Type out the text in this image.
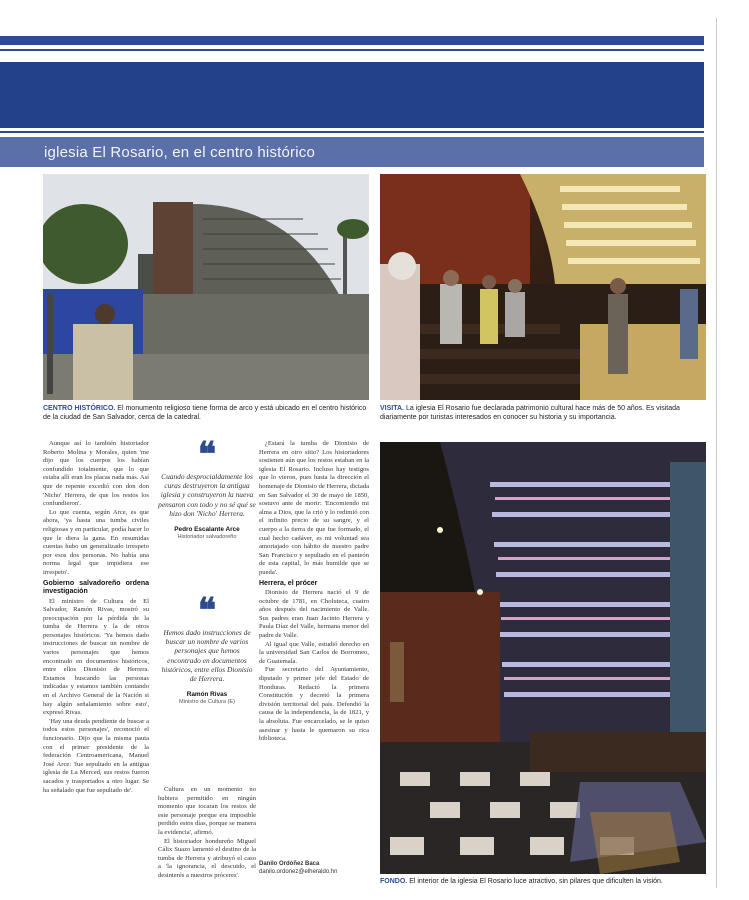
iglesia El Rosario, en el centro histórico
CENTRO HISTÓRICO. El monumento religioso tiene forma de arco y está ubicado en el centro histórico de la ciudad de San Salvador, cerca de la catedral.
VISITA. La iglesia El Rosario fue declarada patrimonio cultural hace más de 50 años. Es visitada diariamente por turistas interesados en conocer su historia y su importancia.

Aunque así lo también historiador Roberto Molina y Morales, quien 'me dijo que los cuerpos los habían confundido totalmente, que lo que estaba allí eran los placas nada más. Así que de repente excedió con don don 'Nicho' Herrera, de que los restos los confundieron'.

Lo que cuenta, según Arce, es que ahora, 'ya hasta una tumba civiles religiosas y en particular, podía hacer lo que le diera la gana. En resumidas cuentas hubo un generalizado irrespeto por esos dos personas. No había una norma legal que impidiera ese irrespeto'.

Gobierno salvadoreño ordena investigación

El ministro de Cultura de El Salvador, Ramón Rivas, mostró su preocupación por la pérdida de la tumba de Herrera y la de otros personajes históricos. 'Ya hemos dado instrucciones de buscar un nombre de varios personajes que hemos encontrado en documentos históricos, entre ellos Dionisio de Herrera. Estamos buscando las personas indicadas y estamos también contando en el Archivo General de la Nación si hay algún señalamiento sobre esto', expresó Rivas.

'Hay una deuda pendiente de buscar a todos estos personajes', reconoció el funcionario. Dijo que la misma pauta con el primer presidente de la federación Centroamericana, Manuel José Arce: 'fue sepultado en la antigua iglesia de La Merced, sus restos fueron sacados y trasportados a otro lugar. Se ha señalado que fue sepultado de'.

❝
Cuando desprocialdamente los curas destruyeron la antigua iglesia y construyeron la nueva pensaron con todo y no sé qué se hizo don 'Nicho' Herrera.
Pedro Escalante Arce
Historiador salvadoreño
❝
Hemos dado instrucciones de buscar un nombre de varios personajes que hemos encontrado en documentos históricos, entre ellos Dionisio de Herrera.
Ramón Rivas
Ministro de Cultura (E)

Cultura en un momento no hubiera permitido en ningún momento que tocaran los restos de este personaje porque era imposible perdido estos días, porque se manera la evidencia', afirmó.

El historiador hondureño Miguel Cálix Suazo lamentó el destino de la tumba de Herrera y atribuyó el caso a 'la ignorancia, el descuido, el desinterés a nuestros próceres'.

¿Estará la tumba de Dionisio de Herrera en otro sitio? Los historiadores sostienen aún que los restos estaban en la iglesia El Rosario. Incluso hay testigos que lo vieron, pues hasta la dirección el homenaje de Dionisio de Herrera, dictada en San Salvador el 30 de mayo de 1850, sostuvo ante de morir: 'Encomiendo mi alma a Dios, que la crió y lo redimió con el infinito precio de su sangre, y el cuerpo a la tierra de que fue formado, el cual hecho cadáver, es mi voluntad sea amortajado con hábito de nuestro padre San Francisco y sepultado en el panteón de esta capital, lo más humilde que se pueda'.

Herrera, el prócer

Dionisio de Herrera nació el 9 de octubre de 1781, en Choluteca, cuatro años después del nacimiento de Valle. Sus padres eran Juan Jacinto Herrera y Paula Díaz del Valle, hermana menor del padre de Valle.

Al igual que Valle, estudió derecho en la universidad San Carlos de Borromeo, de Guatemala.

Fue secretario del Ayuntamiento, diputado y primer jefe del Estado de Honduras. Redactó la primera Constitución y decretó la primera división territorial del país. Defendió la causa de la independencia, la de 1821, y la absoluta. Fue encarcelado, se le quiso asesinar y hasta le quemaron su rica biblioteca.

Danilo Ordóñez Baca
danilo.ordonez@elheraldo.hn
FONDO. El interior de la iglesia El Rosario luce atractivo, sin pilares que dificulten la visión.
